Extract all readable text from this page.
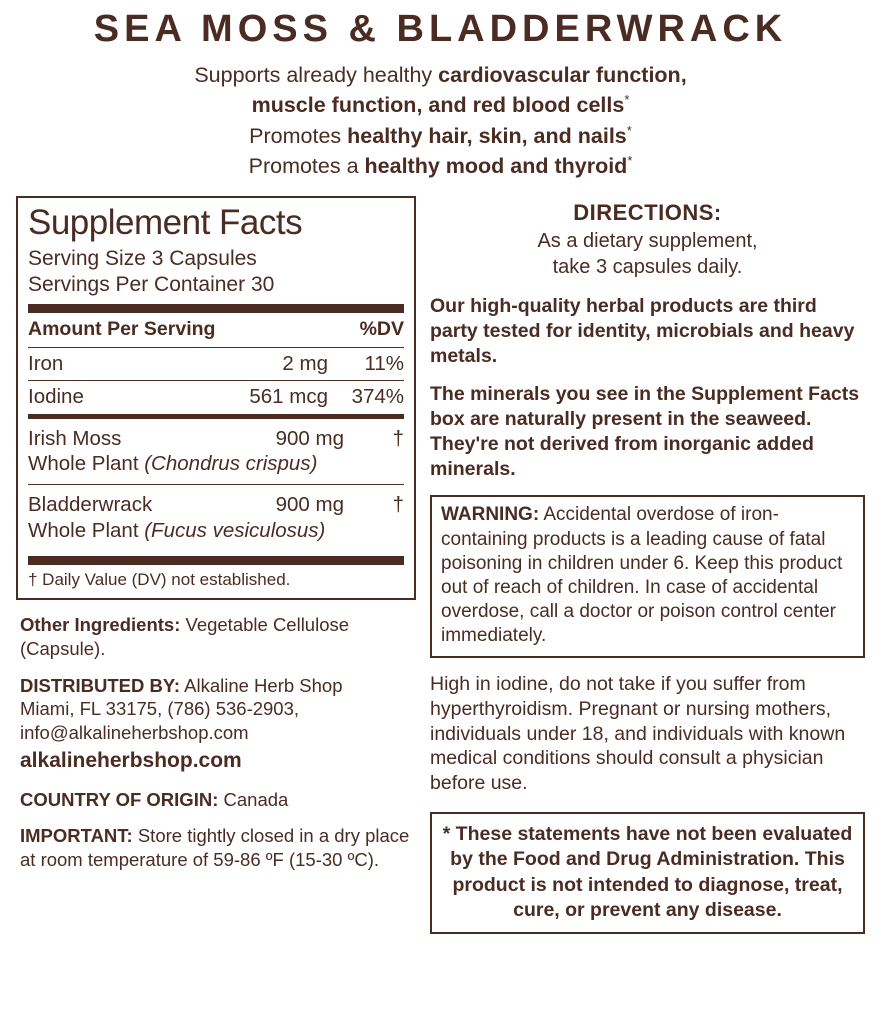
SEA MOSS & BLADDERWRACK
Supports already healthy cardiovascular function,
muscle function, and red blood cells*
Promotes healthy hair, skin, and nails*
Promotes a healthy mood and thyroid*
Supplement Facts
Serving Size 3 Capsules
Servings Per Container 30
Amount Per Serving	%DV
Iron	2 mg	11%
Iodine	561 mcg	374%
Irish Moss	900 mg	†
Whole Plant (Chondrus crispus)
Bladderwrack	900 mg	†
Whole Plant (Fucus vesiculosus)
† Daily Value (DV) not established.
Other Ingredients: Vegetable Cellulose (Capsule).
DISTRIBUTED BY: Alkaline Herb Shop
Miami, FL 33175, (786) 536-2903,
info@alkalineherbshop.com
alkalineherbshop.com
COUNTRY OF ORIGIN: Canada
IMPORTANT: Store tightly closed in a dry place at room temperature of 59-86 ºF (15-30 ºC).
DIRECTIONS:
As a dietary supplement,
take 3 capsules daily.
Our high-quality herbal products are third party tested for identity, microbials and heavy metals.
The minerals you see in the Supplement Facts box are naturally present in the seaweed. They're not derived from inorganic added minerals.
WARNING: Accidental overdose of iron-containing products is a leading cause of fatal poisoning in children under 6. Keep this product out of reach of children. In case of accidental overdose, call a doctor or poison control center immediately.
High in iodine, do not take if you suffer from hyperthyroidism. Pregnant or nursing mothers, individuals under 18, and individuals with known medical conditions should consult a physician before use.
* These statements have not been evaluated by the Food and Drug Administration. This product is not intended to diagnose, treat, cure, or prevent any disease.
